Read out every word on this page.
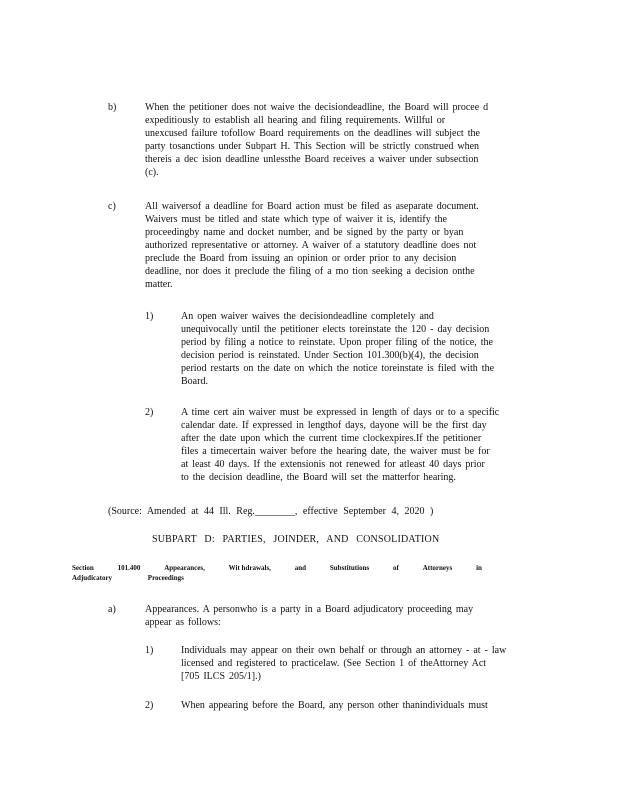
b)	When the petitioner does not waive the decisiondeadline, the Board will procee d
expeditiously to establish all hearing and filing requirements. Willful or
unexcused failure tofollow Board requirements on the deadlines will subject the
party tosanctions under Subpart H. This Section will be strictly construed when
thereis a dec ision deadline unlessthe Board receives a waiver under subsection
(c).
c)	All waiversof a deadline for Board action must be filed as aseparate document.
Waivers must be titled and state which type of waiver it is, identify the
proceedingby name and docket number, and be signed by the party or byan
authorized representative or attorney. A waiver of a statutory deadline does not
preclude the Board from issuing an opinion or order prior to any decision
deadline, nor does it preclude the filing of a mo tion seeking a decision onthe
matter.
1)	An open waiver waives the decisiondeadline completely and
unequivocally until the petitioner elects toreinstate the 120 - day decision
period by filing a notice to reinstate. Upon proper filing of the notice, the
decision period is reinstated. Under Section 101.300(b)(4), the decision
period restarts on the date on which the notice toreinstate is filed with the
Board.
2)	A time cert ain waiver must be expressed in length of days or to a specific
calendar date. If expressed in lengthof days, dayone will be the first day
after the date upon which the current time clockexpires.If the petitioner
files a timecertain waiver before the hearing date, the waiver must be for
at least 40 days. If the extensionis not renewed for atleast 40 days prior
to the decision deadline, the Board will set the matterfor hearing.
(Source: Amended at 44 Ill. Reg.________, effective September 4, 2020 )
SUBPART D: PARTIES, JOINDER, AND CONSOLIDATION
Section	101.400	Appearances,	Wit hdrawals,	and	Substitutions	of	Attorneys	in
Adjudicatory Proceedings
a)	Appearances. A personwho is a party in a Board adjudicatory proceeding may
appear as follows:
1)	Individuals may appear on their own behalf or through an attorney - at - law
licensed and registered to practicelaw. (See Section 1 of theAttorney Act
[705 ILCS 205/1].)
2)	When appearing before the Board, any person other thanindividuals must
